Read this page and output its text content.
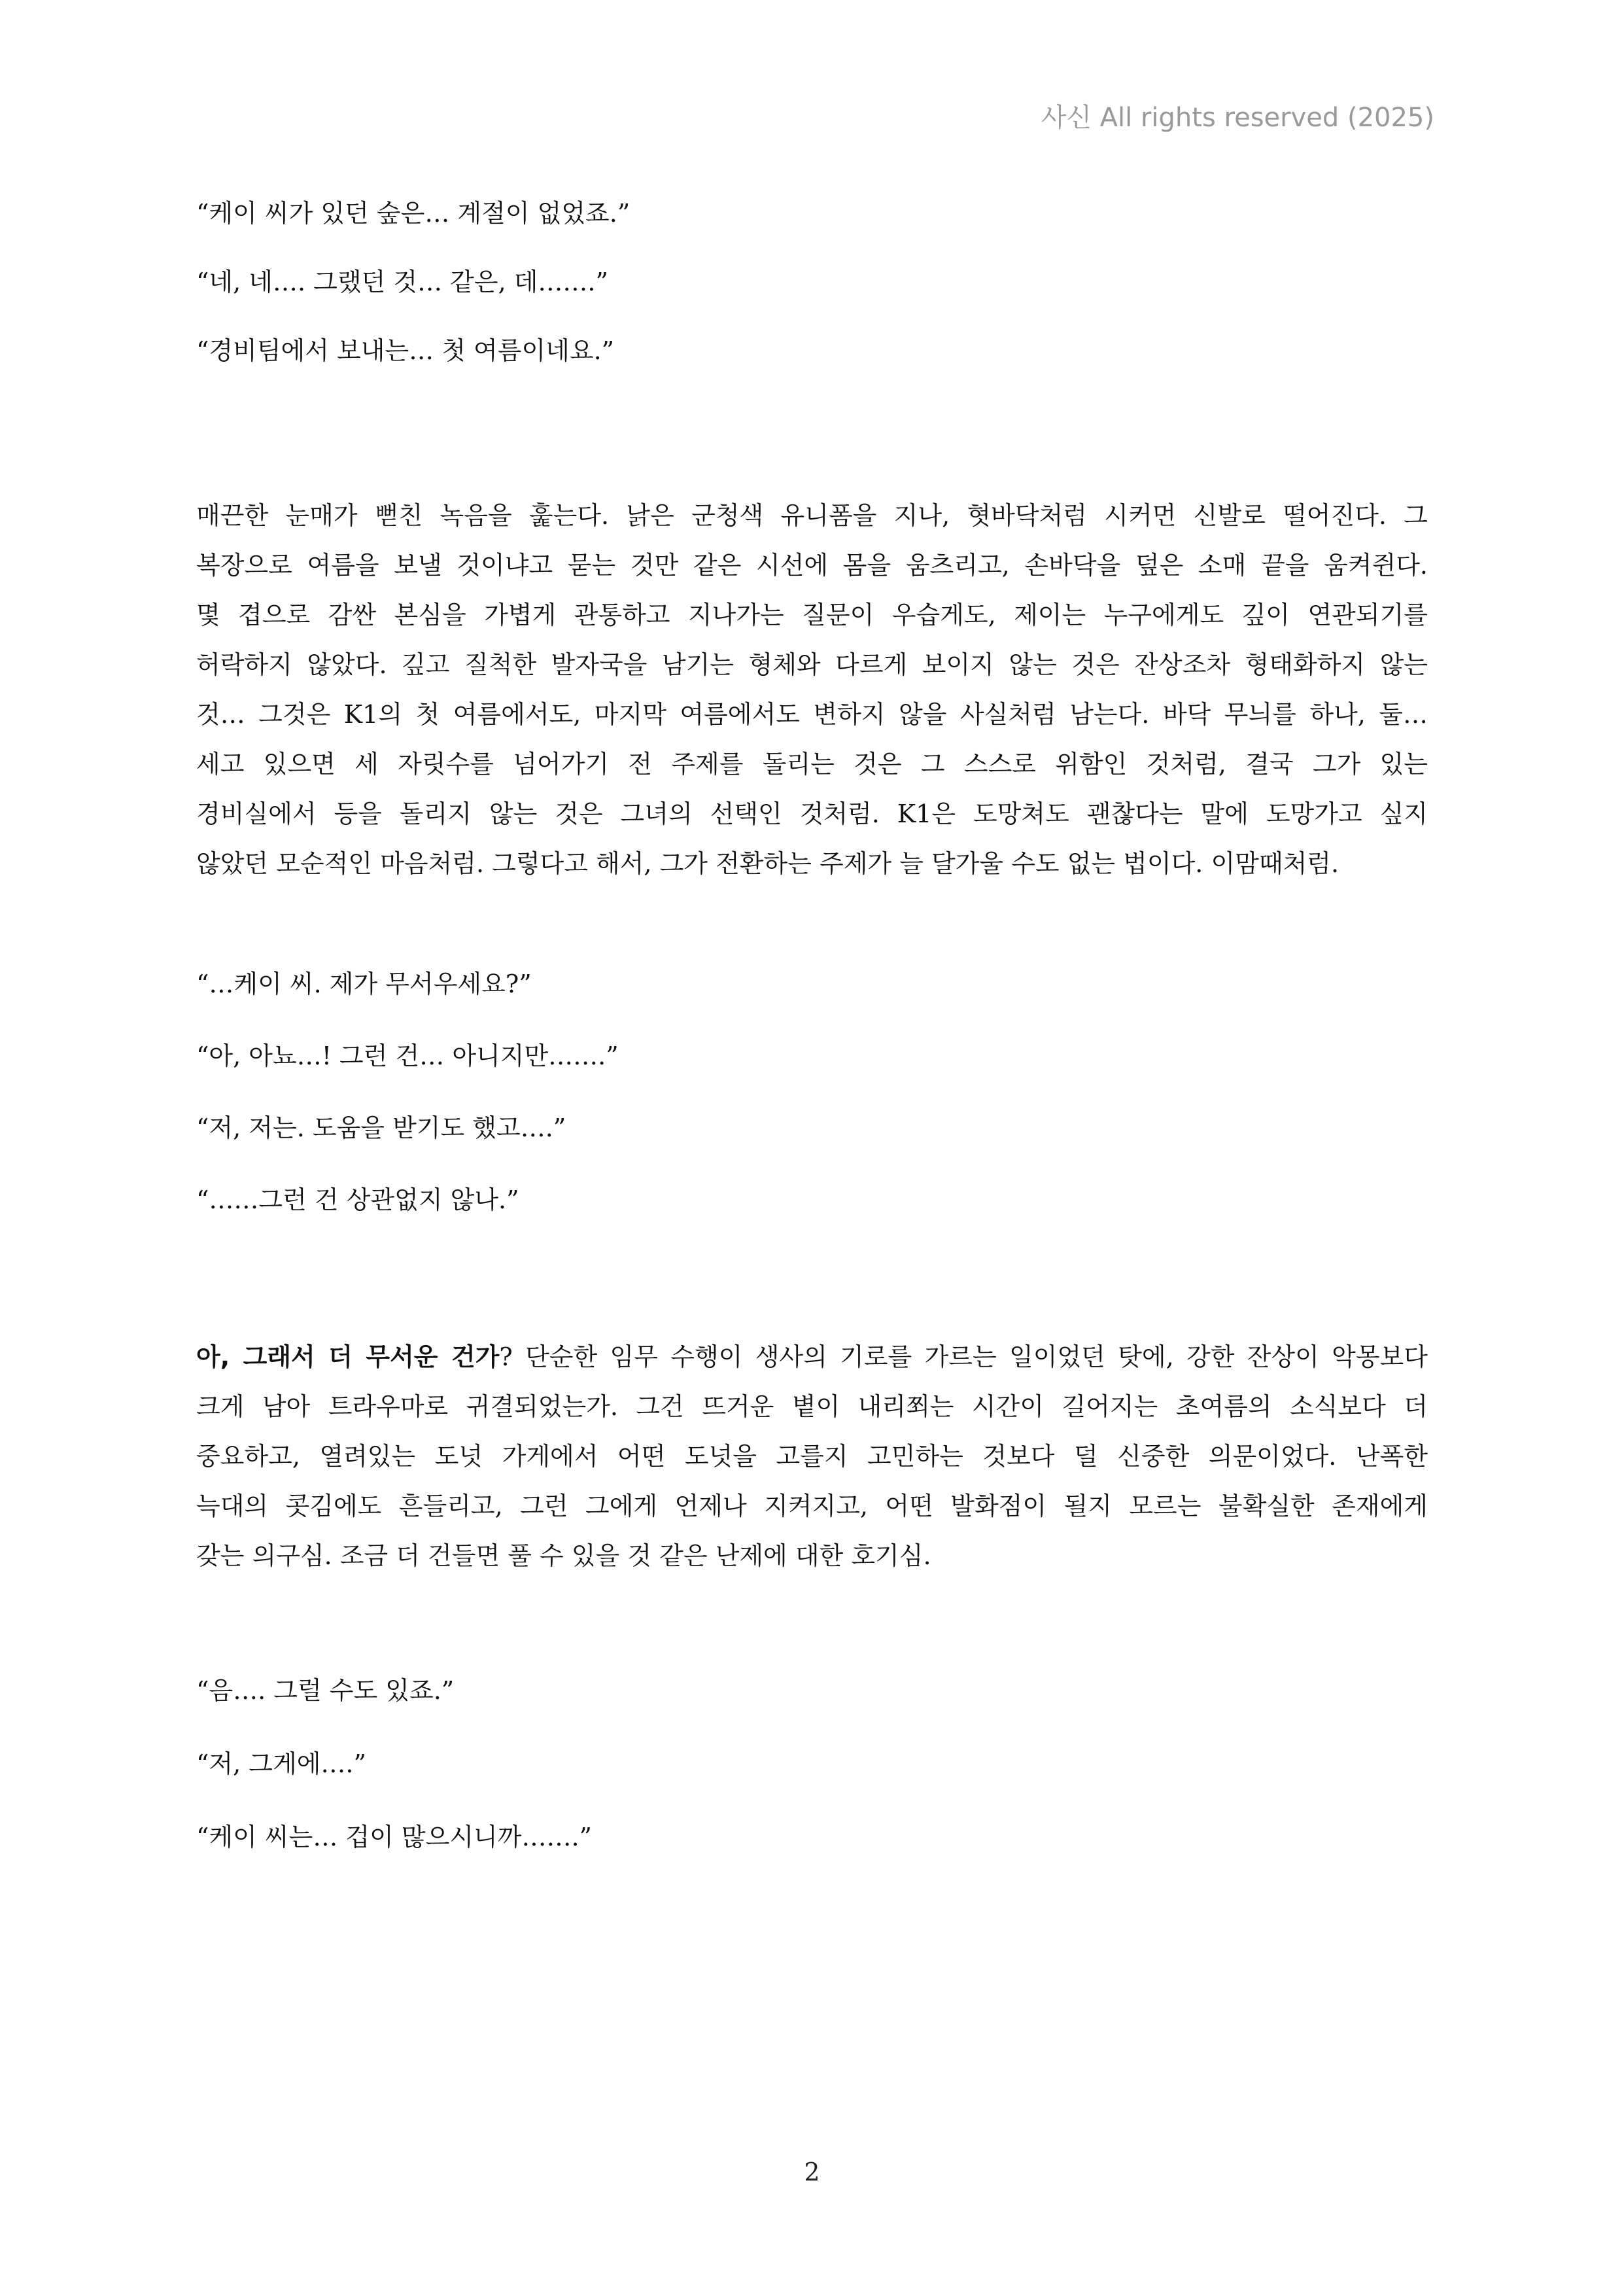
사신 All rights reserved (2025)
“케이 씨가 있던 숲은… 계절이 없었죠.”
“네, 네…. 그랬던 것… 같은, 데…….”
“경비팀에서 보내는… 첫 여름이네요.”
매끈한 눈매가 뻗친 녹음을 훑는다. 낡은 군청색 유니폼을 지나, 혓바닥처럼 시커먼 신발로 떨어진다. 그
복장으로 여름을 보낼 것이냐고 묻는 것만 같은 시선에 몸을 움츠리고, 손바닥을 덮은 소매 끝을 움켜쥔다.
몇 겹으로 감싼 본심을 가볍게 관통하고 지나가는 질문이 우습게도, 제이는 누구에게도 깊이 연관되기를
허락하지 않았다. 깊고 질척한 발자국을 남기는 형체와 다르게 보이지 않는 것은 잔상조차 형태화하지 않는
것… 그것은 K1의 첫 여름에서도, 마지막 여름에서도 변하지 않을 사실처럼 남는다. 바닥 무늬를 하나, 둘…
세고 있으면 세 자릿수를 넘어가기 전 주제를 돌리는 것은 그 스스로 위함인 것처럼, 결국 그가 있는
경비실에서 등을 돌리지 않는 것은 그녀의 선택인 것처럼. K1은 도망쳐도 괜찮다는 말에 도망가고 싶지
않았던 모순적인 마음처럼. 그렇다고 해서, 그가 전환하는 주제가 늘 달가울 수도 없는 법이다. 이맘때처럼.
“…케이 씨. 제가 무서우세요?”
“아, 아뇨…! 그런 건… 아니지만…….”
“저, 저는. 도움을 받기도 했고….”
“……그런 건 상관없지 않나.”
아, 그래서 더 무서운 건가? 단순한 임무 수행이 생사의 기로를 가르는 일이었던 탓에, 강한 잔상이 악몽보다
크게 남아 트라우마로 귀결되었는가. 그건 뜨거운 볕이 내리쬐는 시간이 길어지는 초여름의 소식보다 더
중요하고, 열려있는 도넛 가게에서 어떤 도넛을 고를지 고민하는 것보다 덜 신중한 의문이었다. 난폭한
늑대의 콧김에도 흔들리고, 그런 그에게 언제나 지켜지고, 어떤 발화점이 될지 모르는 불확실한 존재에게
갖는 의구심. 조금 더 건들면 풀 수 있을 것 같은 난제에 대한 호기심.
“음…. 그럴 수도 있죠.”
“저, 그게에….”
“케이 씨는… 겁이 많으시니까…….”
2
